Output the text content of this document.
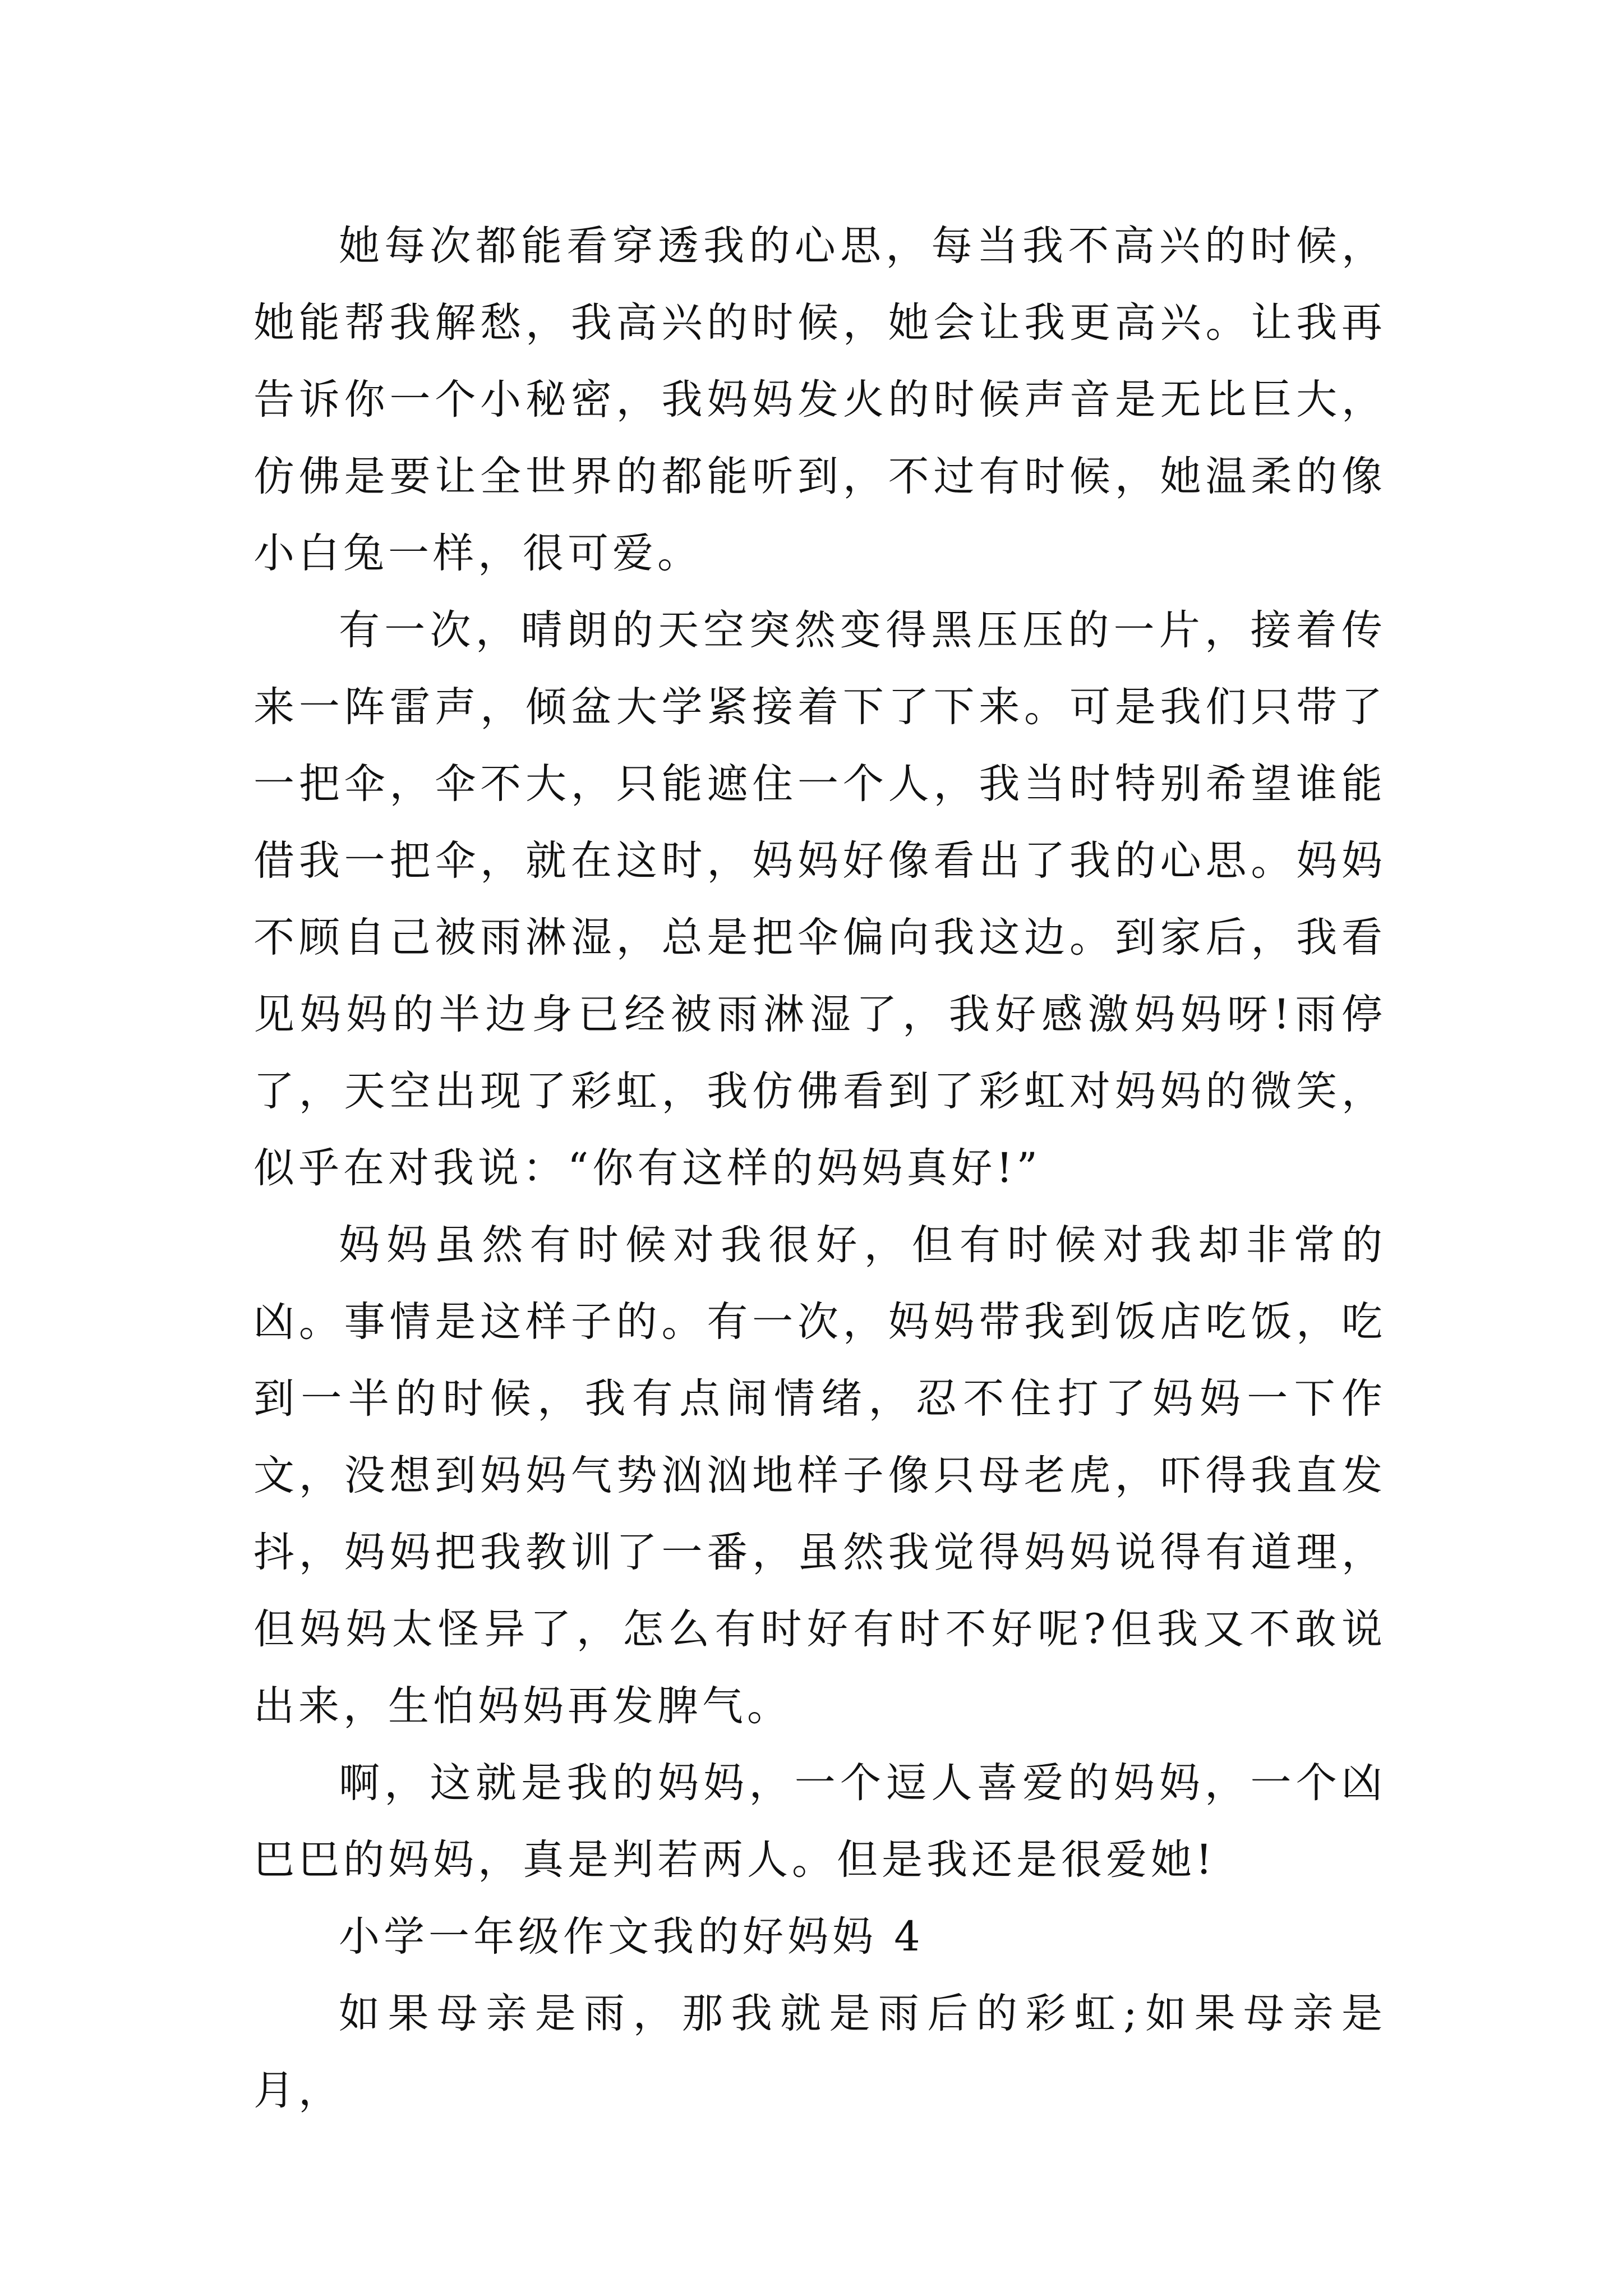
她每次都能看穿透我的心思，每当我不高兴的时候，她能帮我解愁，我高兴的时候，她会让我更高兴。让我再告诉你一个小秘密，我妈妈发火的时候声音是无比巨大，仿佛是要让全世界的都能听到，不过有时候，她温柔的像小白兔一样，很可爱。

有一次，晴朗的天空突然变得黑压压的一片，接着传来一阵雷声，倾盆大学紧接着下了下来。可是我们只带了一把伞，伞不大，只能遮住一个人，我当时特别希望谁能借我一把伞，就在这时，妈妈好像看出了我的心思。妈妈不顾自己被雨淋湿，总是把伞偏向我这边。到家后，我看见妈妈的半边身已经被雨淋湿了，我好感激妈妈呀!雨停了，天空出现了彩虹，我仿佛看到了彩虹对妈妈的微笑，似乎在对我说：“你有这样的妈妈真好!”

妈妈虽然有时候对我很好，但有时候对我却非常的凶。事情是这样子的。有一次，妈妈带我到饭店吃饭，吃到一半的时候，我有点闹情绪，忍不住打了妈妈一下作文，没想到妈妈气势汹汹地样子像只母老虎，吓得我直发抖，妈妈把我教训了一番，虽然我觉得妈妈说得有道理，但妈妈太怪异了，怎么有时好有时不好呢?但我又不敢说出来，生怕妈妈再发脾气。

啊，这就是我的妈妈，一个逗人喜爱的妈妈，一个凶巴巴的妈妈，真是判若两人。但是我还是很爱她!

小学一年级作文我的好妈妈 4

如果母亲是雨，那我就是雨后的彩虹;如果母亲是月，
